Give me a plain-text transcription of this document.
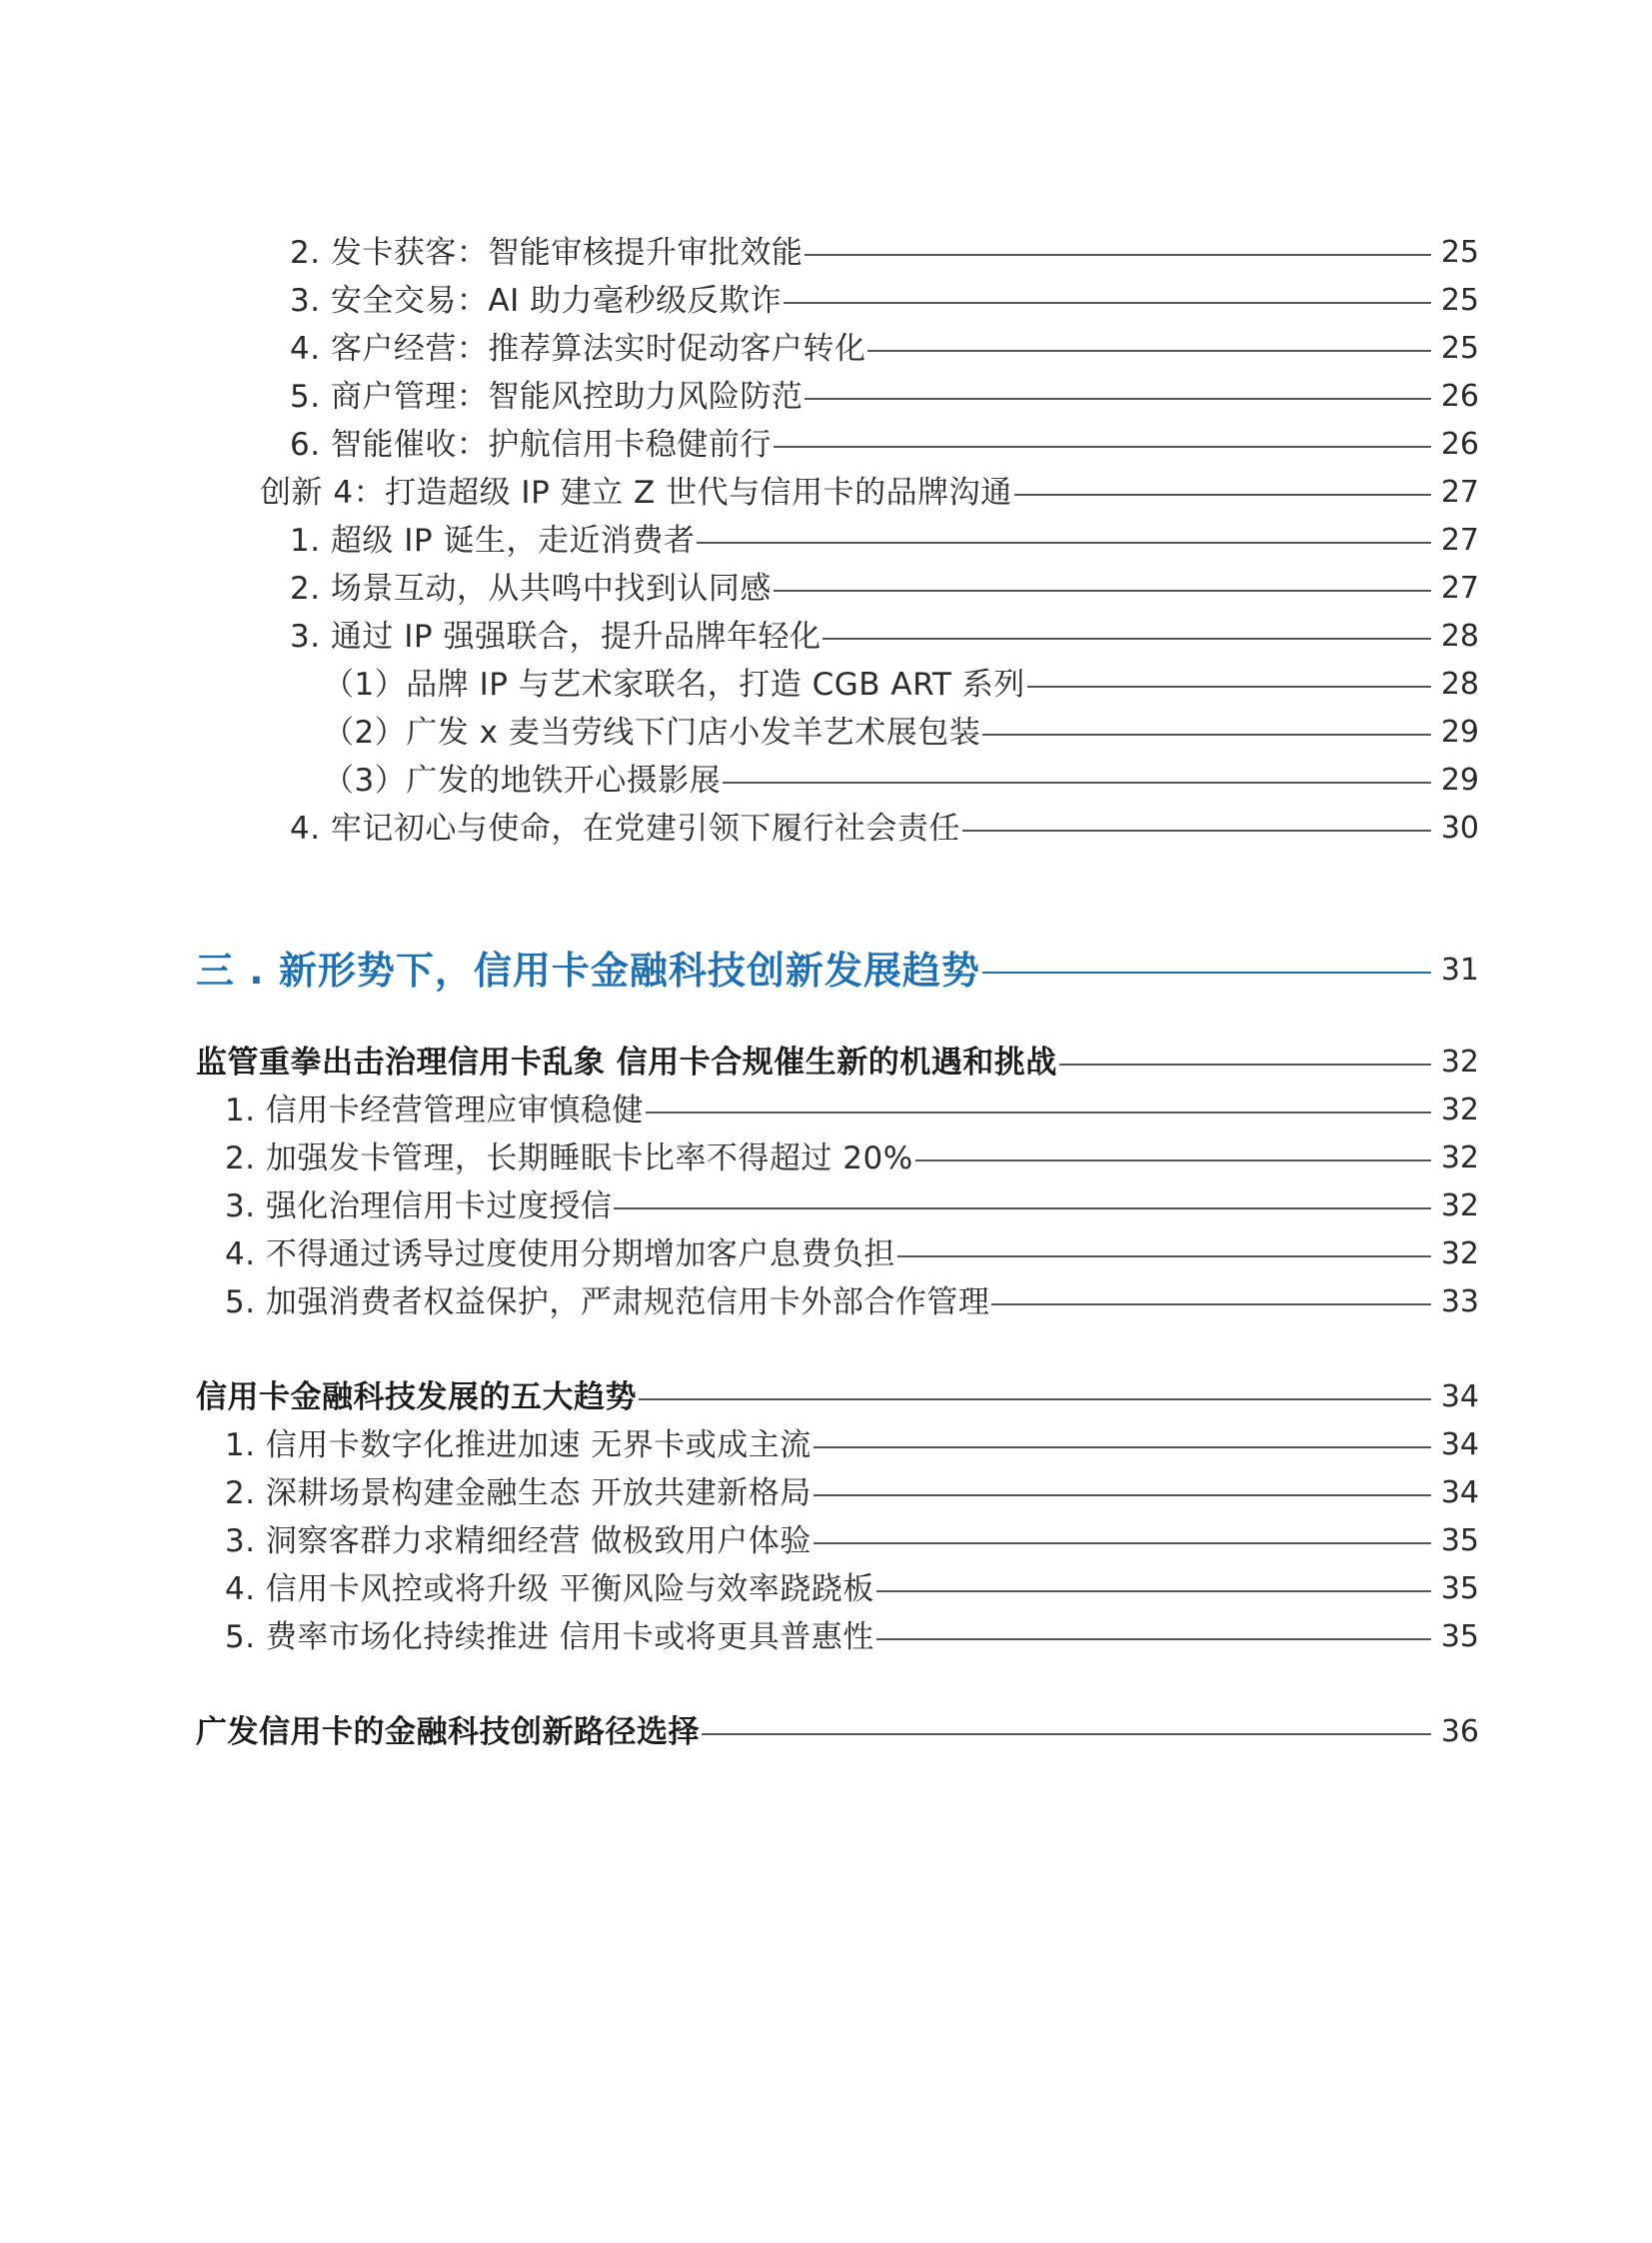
2. 发卡获客：智能审核提升审批效能	25
3. 安全交易：AI 助力毫秒级反欺诈	25
4. 客户经营：推荐算法实时促动客户转化	25
5. 商户管理：智能风控助力风险防范	26
6. 智能催收：护航信用卡稳健前行	26
创新 4：打造超级 IP 建立 Z 世代与信用卡的品牌沟通	27
1. 超级 IP 诞生，走近消费者	27
2. 场景互动，从共鸣中找到认同感	27
3. 通过 IP 强强联合，提升品牌年轻化	28
（1）品牌 IP 与艺术家联名，打造 CGB ART 系列	28
（2）广发 x 麦当劳线下门店小发羊艺术展包装	29
（3）广发的地铁开心摄影展	29
4. 牢记初心与使命，在党建引领下履行社会责任	30
三 . 新形势下，信用卡金融科技创新发展趋势	31
监管重拳出击治理信用卡乱象 信用卡合规催生新的机遇和挑战	32
1. 信用卡经营管理应审慎稳健	32
2. 加强发卡管理，长期睡眠卡比率不得超过 20%	32
3. 强化治理信用卡过度授信	32
4. 不得通过诱导过度使用分期增加客户息费负担	32
5. 加强消费者权益保护，严肃规范信用卡外部合作管理	33
信用卡金融科技发展的五大趋势	34
1. 信用卡数字化推进加速 无界卡或成主流	34
2. 深耕场景构建金融生态 开放共建新格局	34
3. 洞察客群力求精细经营 做极致用户体验	35
4. 信用卡风控或将升级 平衡风险与效率跷跷板	35
5. 费率市场化持续推进 信用卡或将更具普惠性	35
广发信用卡的金融科技创新路径选择	36
